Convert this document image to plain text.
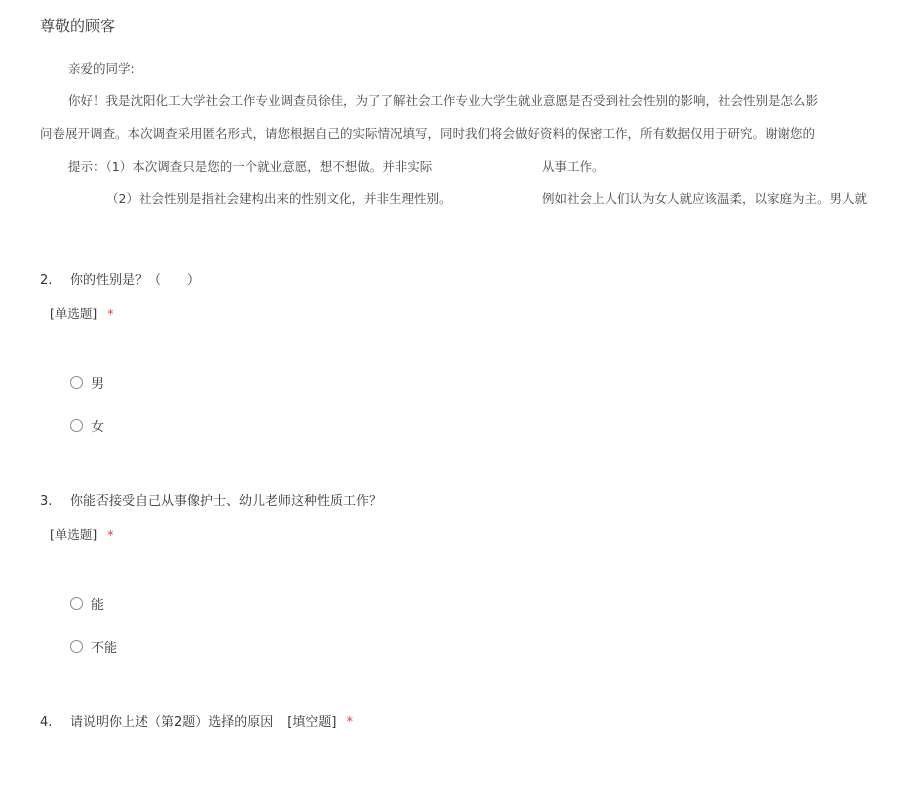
尊敬的顾客
亲爱的同学:
你好！我是沈阳化工大学社会工作专业调查员徐佳，为了了解社会工作专业大学生就业意愿是否受到社会性别的影响，社会性别是怎么影
问卷展开调查。本次调查采用匿名形式，请您根据自己的实际情况填写，同时我们将会做好资料的保密工作，所有数据仅用于研究。谢谢您的
提示：（1）本次调查只是您的一个就业意愿，想不想做。并非实际	从事工作。
（2）社会性别是指社会建构出来的性别文化，并非生理性别。	例如社会上人们认为女人就应该温柔，以家庭为主。男人就
2. 你的性别是？（　　）
[单选题] *
男
女
3. 你能否接受自己从事像护士、幼儿老师这种性质工作？
[单选题] *
能
不能
4. 请说明你上述（第2题）选择的原因 [填空题] *
